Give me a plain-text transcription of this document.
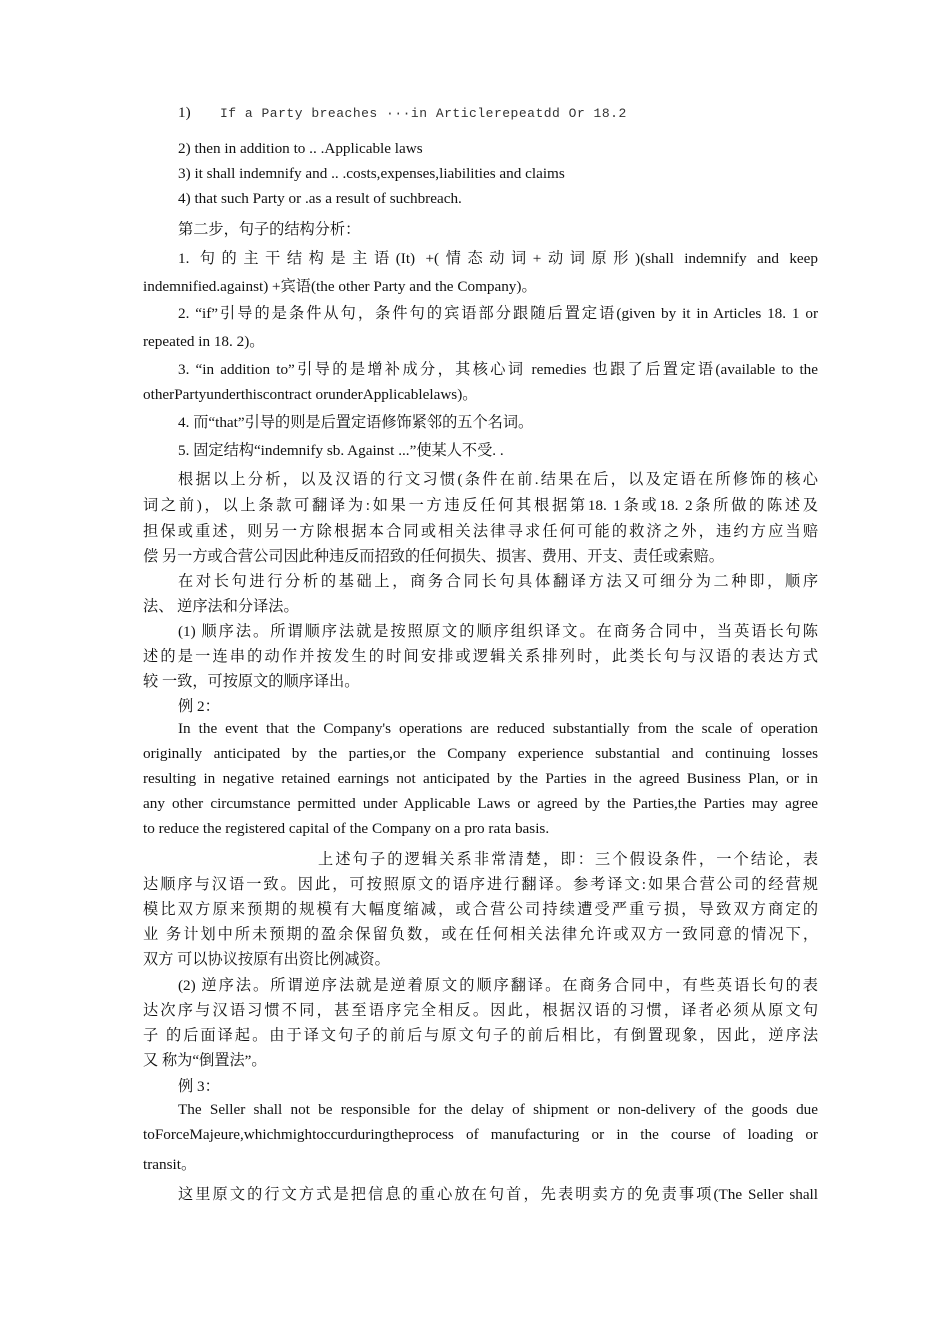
1) If a Party breaches ···in Articlerepeatdd Or 18.2
2) then in addition to .. .Applicable laws
3) it shall indemnify and .. .costs,expenses,liabilities and claims
4) that such Party or .as a result of suchbreach.
第二步，句子的结构分析：
1. 句的主干结构是主语(It) +(情态动词+动词原形)(shall indemnify and keep
indemnified.against) +宾语(the other Party and the Company)。
2. “if”引导的是条件从句，条件句的宾语部分跟随后置定语(given by it in Articles 18. 1 or
repeated in 18. 2)。
3. “in addition to”引导的是增补成分，其核心词 remedies 也跟了后置定语(available to the
otherPartyunderthiscontract orunderApplicablelaws)。
4. 而“that”引导的则是后置定语修饰紧邻的五个名词。
5. 固定结构“indemnify sb. Against ...”使某人不受. .
根据以上分析，以及汉语的行文习惯(条件在前.结果在后，以及定语在所修饰的核心
词之前)，以上条款可翻译为:如果一方违反任何其根据第18. 1条或18. 2条所做的陈述及
担保或重述，则另一方除根据本合同或相关法律寻求任何可能的救济之外，违约方应当赔
偿 另一方或合营公司因此种违反而招致的任何损失、损害、费用、开支、责任或索赔。
在对长句进行分析的基础上，商务合同长句具体翻译方法又可细分为二种即，顺序
法、 逆序法和分译法。
(1) 顺序法。所谓顺序法就是按照原文的顺序组织译文。在商务合同中，当英语长句陈
述的是一连串的动作并按发生的时间安排或逻辑关系排列时，此类长句与汉语的表达方式
较 一致，可按原文的顺序译出。
例 2：
In the event that the Company's operations are reduced substantially from the scale of operation
originally anticipated by the parties,or the Company experience substantial and continuing losses
resulting in negative retained earnings not anticipated by the Parties in the agreed Business Plan, or in
any other circumstance permitted under Applicable Laws or agreed by the Parties,the Parties may agree
to reduce the registered capital of the Company on a pro rata basis.
上述句子的逻辑关系非常清楚，即：三个假设条件，一个结论，表
达顺序与汉语一致。因此，可按照原文的语序进行翻译。参考译文:如果合营公司的经营规
模比双方原来预期的规模有大幅度缩减，或合营公司持续遭受严重亏损，导致双方商定的
业 务计划中所未预期的盈余保留负数，或在任何相关法律允许或双方一致同意的情况下，
双方 可以协议按原有出资比例减资。
(2) 逆序法。所谓逆序法就是逆着原文的顺序翻译。在商务合同中，有些英语长句的表
达次序与汉语习惯不同，甚至语序完全相反。因此，根据汉语的习惯，译者必须从原文句
子 的后面译起。由于译文句子的前后与原文句子的前后相比，有倒置现象，因此，逆序法
又 称为“倒置法”。
例 3：
The Seller shall not be responsible for the delay of shipment or non-delivery of the goods due
toForceMajeure,whichmightoccurduringtheprocess of manufacturing or in the course of loading or
transit。
这里原文的行文方式是把信息的重心放在句首，先表明卖方的免责事项(The Seller shall
